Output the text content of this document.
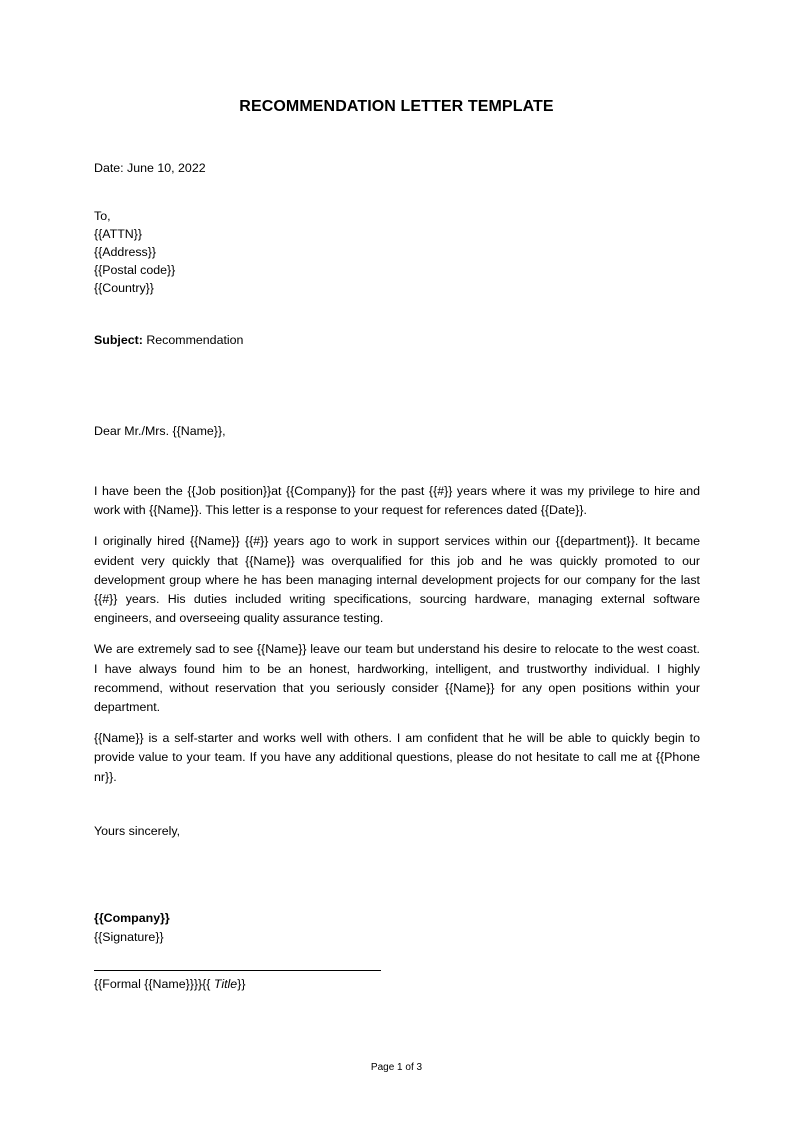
RECOMMENDATION LETTER TEMPLATE
Date: June 10, 2022
To,
{{ATTN}}
{{Address}}
{{Postal code}}
{{Country}}
Subject: Recommendation
Dear Mr./Mrs. {{Name}},

I have been the {{Job position}}at {{Company}} for the past {{#}} years where it was my privilege to hire and work with {{Name}}. This letter is a response to your request for references dated {{Date}}.

I originally hired {{Name}} {{#}} years ago to work in support services within our {{department}}. It became evident very quickly that {{Name}} was overqualified for this job and he was quickly promoted to our development group where he has been managing internal development projects for our company for the last {{#}} years. His duties included writing specifications, sourcing hardware, managing external software engineers, and overseeing quality assurance testing.

We are extremely sad to see {{Name}} leave our team but understand his desire to relocate to the west coast. I have always found him to be an honest, hardworking, intelligent, and trustworthy individual. I highly recommend, without reservation that you seriously consider {{Name}} for any open positions within your department.

{{Name}} is a self-starter and works well with others. I am confident that he will be able to quickly begin to provide value to your team. If you have any additional questions, please do not hesitate to call me at {{Phone nr}}.

Yours sincerely,
{{Company}}
{{Signature}}
{{Formal {{Name}}}}{{ Title}}
Page 1 of 3
